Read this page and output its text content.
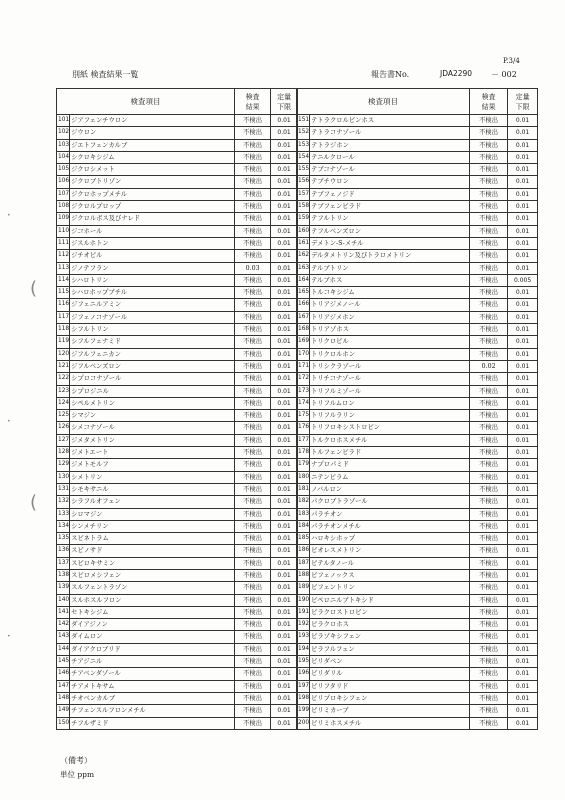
P.3/4
別紙 検査結果一覧	報告書No.	JDA2290 － 002
検査項目		検査
結果	定量
下限
101	ジアフェンチウロン	不検出	0.01
102	ジウロン	不検出	0.01
103	ジエトフェンカルブ	不検出	0.01
104	シクロキシジム	不検出	0.01
105	ジクロシメット	不検出	0.01
106	ジクロブトリゾン	不検出	0.01
107	ジクロホップメチル	不検出	0.01
108	ジクロルプロップ	不検出	0.01
109	ジクロルボス及びナレド	不検出	0.01
110	ジコホール	不検出	0.01
111	ジスルホトン	不検出	0.01
112	ジチオピル	不検出	0.01
113	ジノテフラン	0.03	0.01
114	シハロトリン	不検出	0.01
115	シハロホップブチル	不検出	0.01
116	ジフェニルアミン	不検出	0.01
117	ジフェノコナゾール	不検出	0.01
118	シフルトリン	不検出	0.01
119	シフルフェナミド	不検出	0.01
120	ジフルフェニカン	不検出	0.01
121	ジフルベンズロン	不検出	0.01
122	シプロコナゾール	不検出	0.01
123	シプロジニル	不検出	0.01
124	シペルメトリン	不検出	0.01
125	シマジン	不検出	0.01
126	シメコナゾール	不検出	0.01
127	ジメタメトリン	不検出	0.01
128	ジメトエート	不検出	0.01
129	ジメトモルフ	不検出	0.01
130	シメトリン	不検出	0.01
131	シモキサニル	不検出	0.01
132	シラフルオフェン	不検出	0.01
133	シロマジン	不検出	0.01
134	シンメチリン	不検出	0.01
135	スピネトラム	不検出	0.01
136	スピノサド	不検出	0.01
137	スピロキサミン	不検出	0.01
138	スピロメシフェン	不検出	0.01
139	スルフェントラゾン	不検出	0.01
140	スルホスルフロン	不検出	0.01
141	セトキシジム	不検出	0.01
142	ダイアジノン	不検出	0.01
143	ダイムロン	不検出	0.01
144	ダイアクロブリド	不検出	0.01
145	チアジニル	不検出	0.01
146	チアベンダゾール	不検出	0.01
147	チアメトキサム	不検出	0.01
148	チオベンカルブ	不検出	0.01
149	チフェンスルフロンメチル	不検出	0.01
150	チフルザミド	不検出	0.01
検査項目		検査
結果	定量
下限
151	テトラクロルビンホス	不検出	0.01
152	テトラコナゾール	不検出	0.01
153	テトラジホン	不検出	0.01
154	テニルクロール	不検出	0.01
155	テブコナゾール	不検出	0.01
156	テブチウロン	不検出	0.01
157	テブフェノジド	不検出	0.01
158	テブフェンピラド	不検出	0.01
159	テフルトリン	不検出	0.01
160	テフルベンズロン	不検出	0.01
161	デメトン-S-メチル	不検出	0.01
162	デルタメトリン及びトラロメトリン	不検出	0.01
163	テルブトリン	不検出	0.01
164	テルブホス	不検出	0.005
165	トルコキシジム	不検出	0.01
166	トリアジメノール	不検出	0.01
167	トリアジメホン	不検出	0.01
168	トリアゾホス	不検出	0.01
169	トリクロピル	不検出	0.01
170	トリクロルホン	不検出	0.01
171	トリシクラゾール	0.02	0.01
172	トリチコナゾール	不検出	0.01
173	トリフルミゾール	不検出	0.01
174	トリフルムロン	不検出	0.01
175	トリフルラリン	不検出	0.01
176	トリフロキシストロビン	不検出	0.01
177	トルクロホスメチル	不検出	0.01
178	トルフェンピラド	不検出	0.01
179	ナプロパミド	不検出	0.01
180	ニテンピラム	不検出	0.01
181	ノバルロン	不検出	0.01
182	パクロブトラゾール	不検出	0.01
183	パラチオン	不検出	0.01
184	パラチオンメチル	不検出	0.01
185	ハロキシホップ	不検出	0.01
186	ビオレスメトリン	不検出	0.01
187	ビテルタノール	不検出	0.01
188	ビフェノックス	不検出	0.01
189	ビフェントリン	不検出	0.01
190	ピペロニルブトキシド	不検出	0.01
191	ピラクロストロビン	不検出	0.01
192	ピラクロホス	不検出	0.01
193	ピラゾキシフェン	不検出	0.01
194	ピラフルフェン	不検出	0.01
195	ピリダベン	不検出	0.01
196	ピリダリル	不検出	0.01
197	ピリフタリド	不検出	0.01
198	ピリプロキシフェン	不検出	0.01
199	ピリミカーブ	不検出	0.01
200	ピリミホスメチル	不検出	0.01
（備考）
単位 ppm
(
(
•
•
•
